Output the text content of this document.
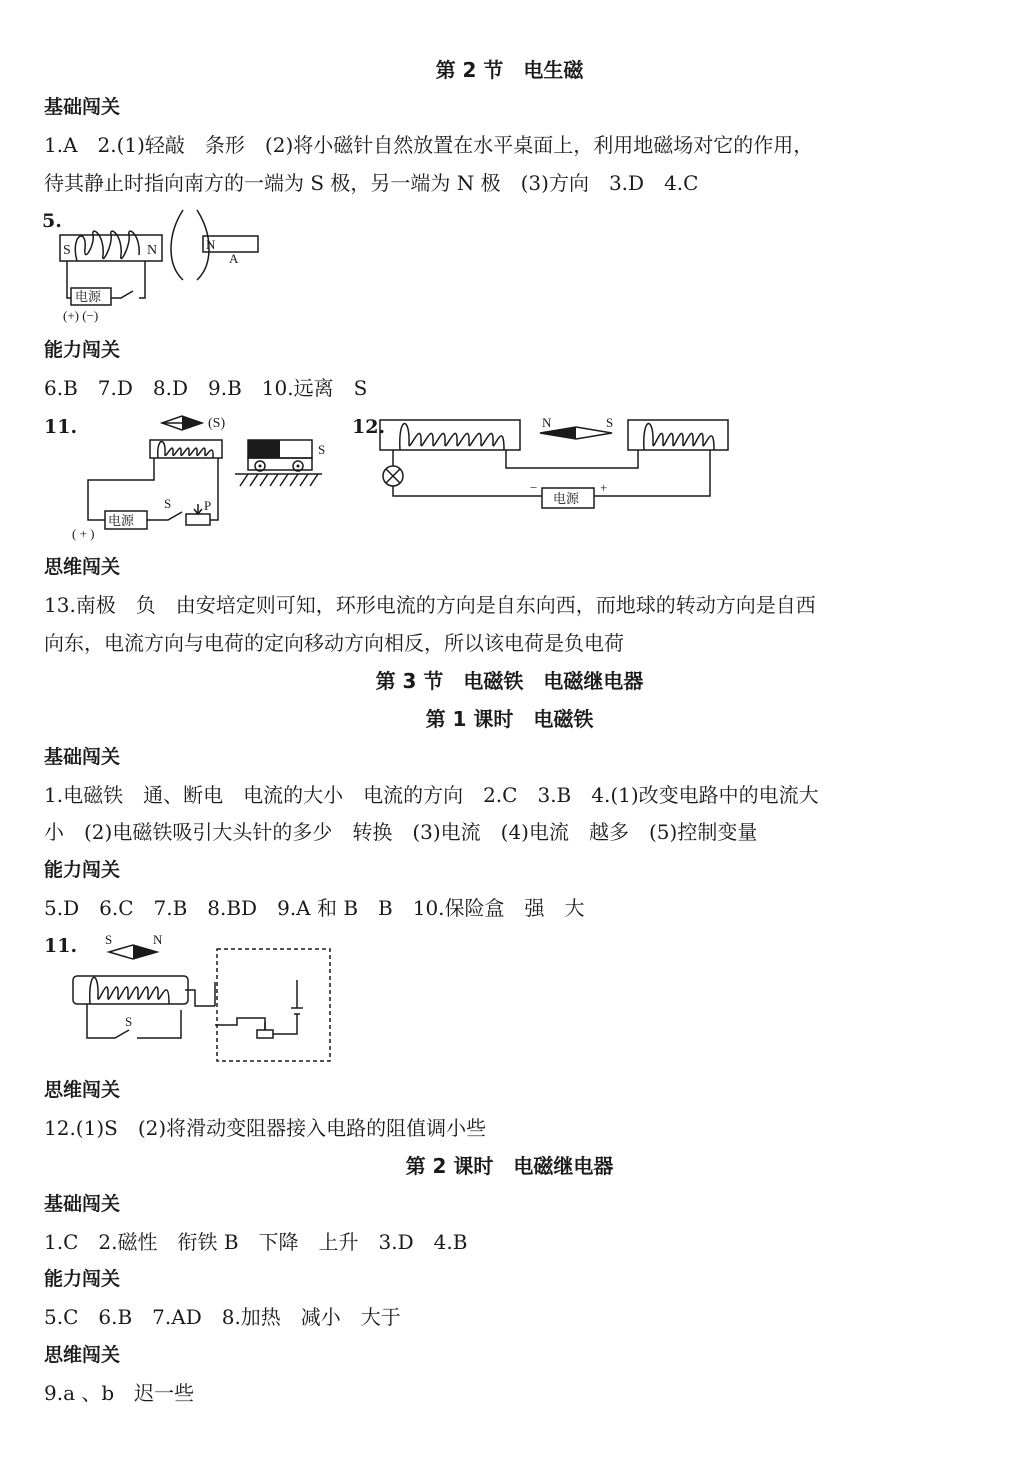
第 2 节　电生磁
基础闯关
1.A　2.(1)轻敲　条形　(2)将小磁针自然放置在水平桌面上，利用地磁场对它的作用，
待其静止时指向南方的一端为 S 极，另一端为 N 极　(3)方向　3.D　4.C
5.
S	N	N
A
电源
(+) (−)
能力闯关
6.B　7.D　8.D　9.B　10.远离　S
11.	(S)
S
S	P
电源
( + )
12.	N	S
−	+
电源
思维闯关
13.南极　负　由安培定则可知，环形电流的方向是自东向西，而地球的转动方向是自西
向东，电流方向与电荷的定向移动方向相反，所以该电荷是负电荷
第 3 节　电磁铁　电磁继电器
第 1 课时　电磁铁
基础闯关
1.电磁铁　通、断电　电流的大小　电流的方向　2.C　3.B　4.(1)改变电路中的电流大
小　(2)电磁铁吸引大头针的多少　转换　(3)电流　(4)电流　越多　(5)控制变量
能力闯关
5.D　6.C　7.B　8.BD　9.A 和 B　B　10.保险盒　强　大
11. S	N
S
思维闯关
12.(1)S　(2)将滑动变阻器接入电路的阻值调小些
第 2 课时　电磁继电器
基础闯关
1.C　2.磁性　衔铁 B　下降　上升　3.D　4.B
能力闯关
5.C　6.B　7.AD　8.加热　减小　大于
思维闯关
9.a 、b　迟一些
